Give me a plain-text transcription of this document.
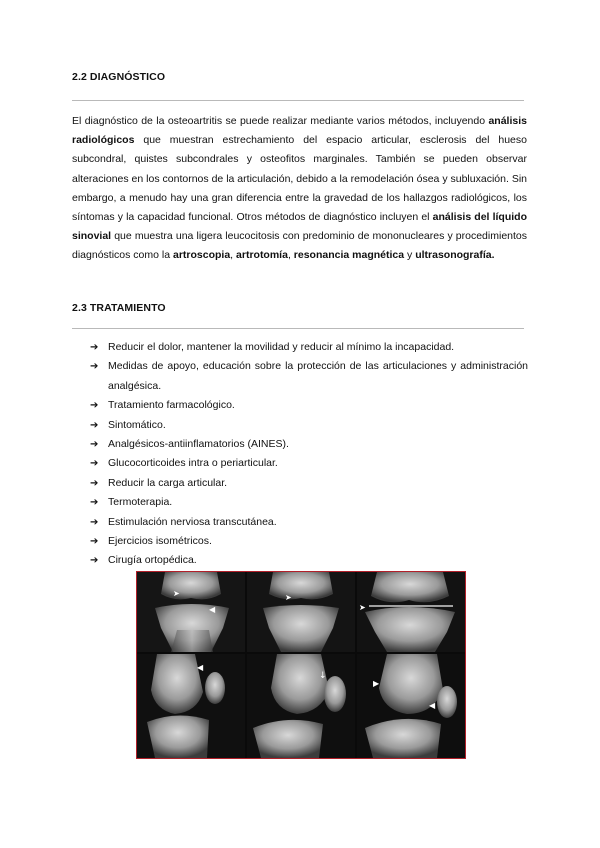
2.2 DIAGNÓSTICO

El diagnóstico de la osteoartritis se puede realizar mediante varios métodos, incluyendo análisis radiológicos que muestran estrechamiento del espacio articular, esclerosis del hueso subcondral, quistes subcondrales y osteofitos marginales. También se pueden observar alteraciones en los contornos de la articulación, debido a la remodelación ósea y subluxación. Sin embargo, a menudo hay una gran diferencia entre la gravedad de los hallazgos radiológicos, los síntomas y la capacidad funcional. Otros métodos de diagnóstico incluyen el análisis del líquido sinovial que muestra una ligera leucocitosis con predominio de mononucleares y procedimientos diagnósticos como la artroscopia, artrotomía, resonancia magnética y ultrasonografía.

2.3 TRATAMIENTO
➔ Reducir el dolor, mantener la movilidad y reducir al mínimo la incapacidad.
➔ Medidas de apoyo, educación sobre la protección de las articulaciones y administración analgésica.
➔ Tratamiento farmacológico.
➔ Sintomático.
➔ Analgésicos-antiinflamatorios (AINES).
➔ Glucocorticoides intra o periarticular.
➔ Reducir la carga articular.
➔ Termoterapia.
➔ Estimulación nerviosa transcutánea.
➔ Ejercicios isométricos.
➔ Cirugía ortopédica.
➤
◀
➤
➤
◀
↓
▶
◀
